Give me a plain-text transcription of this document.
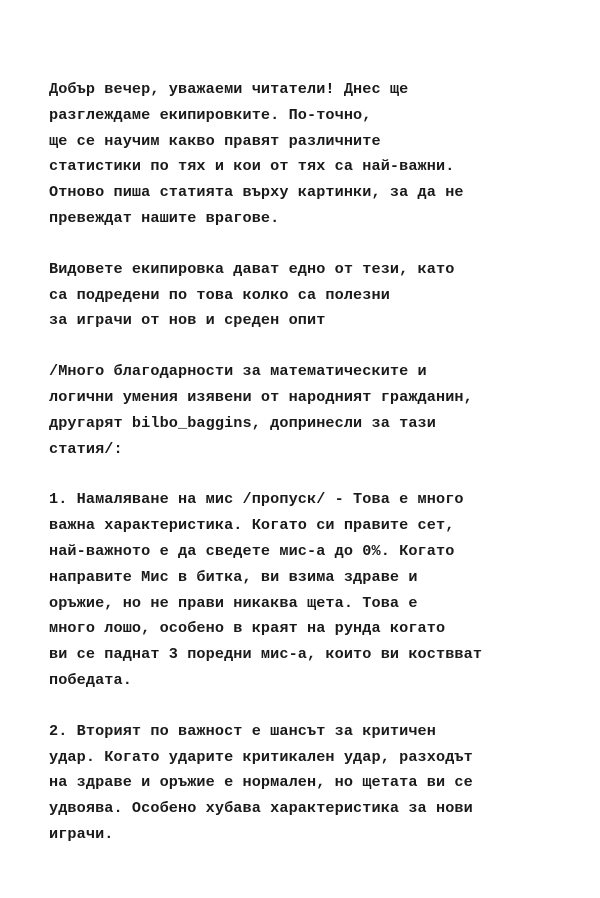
Добър вечер, уважаеми читатели! Днес ще
разглеждаме екипировките. По-точно,
ще се научим какво правят различните
статистики по тях и кои от тях са най-важни.
Отново пиша статията върху картинки, за да не
превеждат нашите врагове.
Видовете екипировка дават едно от тези, като
са подредени по това колко са полезни
за играчи от нов и среден опит
/Много благодарности за математическите и
логични умения изявени от народният гражданин,
другарят bilbo_baggins, допринесли за тази
статия/:
1. Намаляване на мис /пропуск/ - Това е много
важна характеристика. Когато си правите сет,
най-важното е да сведете мис-а до 0%. Когато
направите Мис в битка, ви взима здраве и
оръжие, но не прави никаква щета. Това е
много лошо, особено в краят на рунда когато
ви се паднат 3 поредни мис-а, които ви коствват
победата.
2. Вторият по важност е шансът за критичен
удар. Когато ударите критикален удар, разходът
на здраве и оръжие е нормален, но щетата ви се
удвоява. Особено хубава характеристика за нови
играчи.
